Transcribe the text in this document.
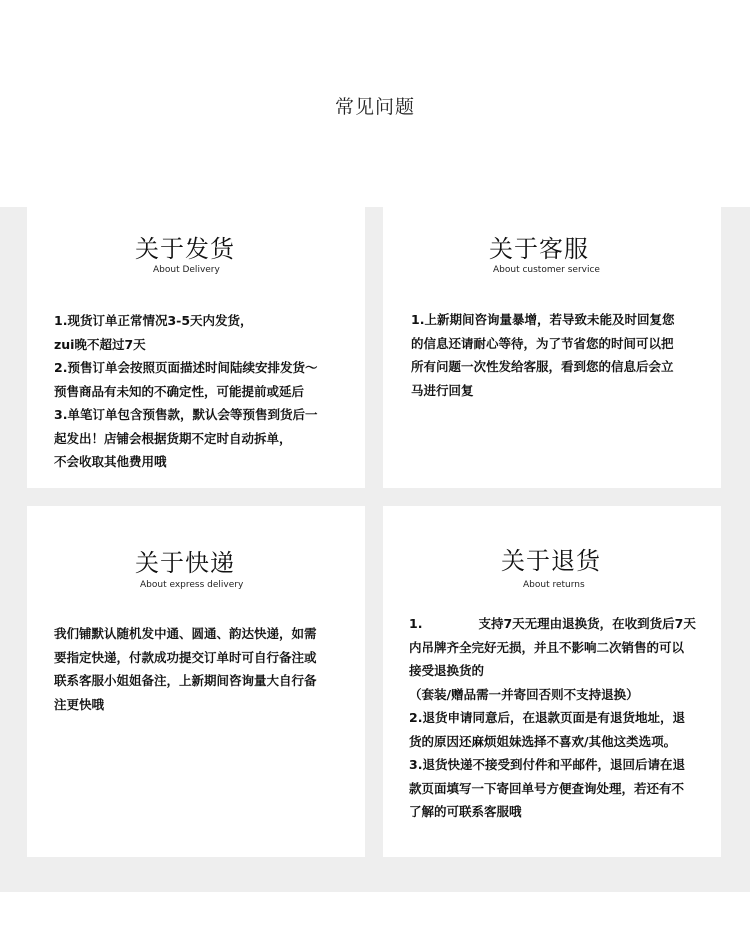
常见问题
关于发货
About Delivery
1.现货订单正常情况3-5天内发货，
zui晚不超过7天
2.预售订单会按照页面描述时间陆续安排发货～
预售商品有未知的不确定性，可能提前或延后
3.单笔订单包含预售款，默认会等预售到货后一
起发出！店铺会根据货期不定时自动拆单，
不会收取其他费用哦
关于客服
About customer service
1.上新期间咨询量暴增，若导致未能及时回复您
的信息还请耐心等待，为了节省您的时间可以把
所有问题一次性发给客服，看到您的信息后会立
马进行回复
关于快递
About express delivery
我们铺默认随机发中通、圆通、韵达快递，如需
要指定快递，付款成功提交订单时可自行备注或
联系客服小姐姐备注，上新期间咨询量大自行备
注更快哦
关于退货
About returns
1.	支持7天无理由退换货，在收到货后7天
内吊牌齐全完好无损，并且不影响二次销售的可以
接受退换货的
（套装/赠品需一并寄回否则不支持退换）
2.退货申请同意后，在退款页面是有退货地址，退
货的原因还麻烦姐妹选择不喜欢/其他这类选项。
3.退货快递不接受到付件和平邮件，退回后请在退
款页面填写一下寄回单号方便查询处理，若还有不
了解的可联系客服哦
